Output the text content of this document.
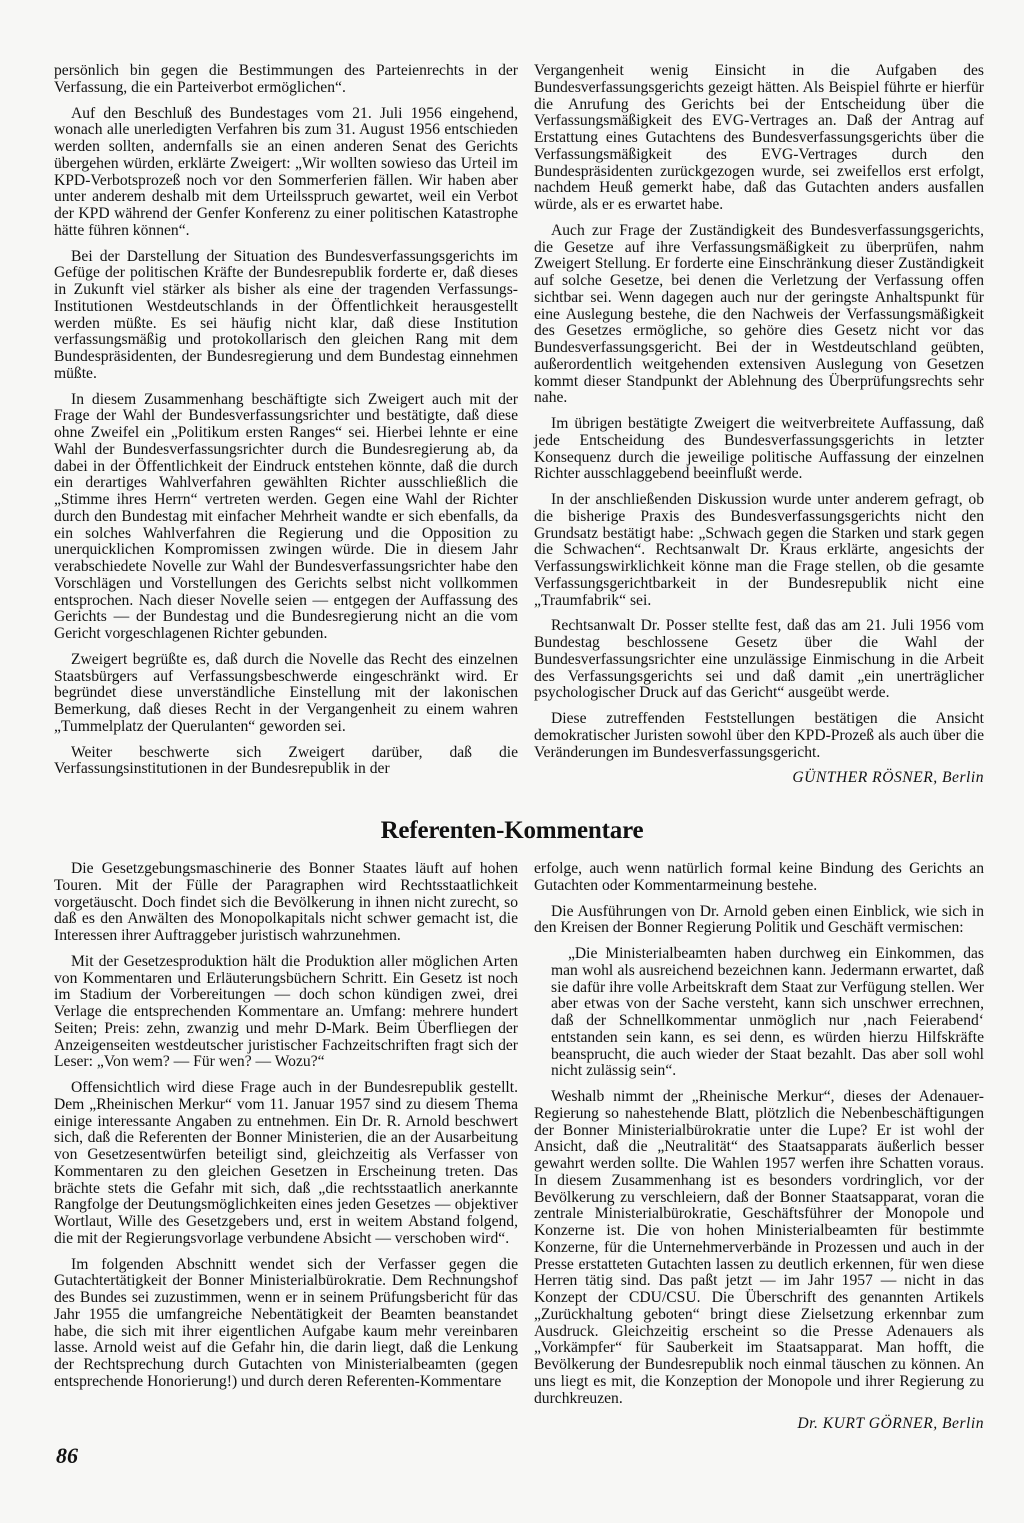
persönlich bin gegen die Bestimmungen des Parteienrechts in der Verfassung, die ein Parteiverbot ermöglichen“.

Auf den Beschluß des Bundestages vom 21. Juli 1956 eingehend, wonach alle unerledigten Verfahren bis zum 31. August 1956 entschieden werden sollten, andernfalls sie an einen anderen Senat des Gerichts übergehen würden, erklärte Zweigert: „Wir wollten sowieso das Urteil im KPD-Verbotsprozeß noch vor den Sommerferien fällen. Wir haben aber unter anderem deshalb mit dem Urteilsspruch gewartet, weil ein Verbot der KPD während der Genfer Konferenz zu einer politischen Katastrophe hätte führen können“.

Bei der Darstellung der Situation des Bundesverfassungsgerichts im Gefüge der politischen Kräfte der Bundesrepublik forderte er, daß dieses in Zukunft viel stärker als bisher als eine der tragenden Verfassungs-Institutionen Westdeutschlands in der Öffentlichkeit herausgestellt werden müßte. Es sei häufig nicht klar, daß diese Institution verfassungsmäßig und protokollarisch den gleichen Rang mit dem Bundespräsidenten, der Bundesregierung und dem Bundestag einnehmen müßte.

In diesem Zusammenhang beschäftigte sich Zweigert auch mit der Frage der Wahl der Bundesverfassungsrichter und bestätigte, daß diese ohne Zweifel ein „Politikum ersten Ranges“ sei. Hierbei lehnte er eine Wahl der Bundesverfassungsrichter durch die Bundesregierung ab, da dabei in der Öffentlichkeit der Eindruck entstehen könnte, daß die durch ein derartiges Wahlverfahren gewählten Richter ausschließlich die „Stimme ihres Herrn“ vertreten werden. Gegen eine Wahl der Richter durch den Bundestag mit einfacher Mehrheit wandte er sich ebenfalls, da ein solches Wahlverfahren die Regierung und die Opposition zu unerquicklichen Kompromissen zwingen würde. Die in diesem Jahr verabschiedete Novelle zur Wahl der Bundesverfassungsrichter habe den Vorschlägen und Vorstellungen des Gerichts selbst nicht vollkommen entsprochen. Nach dieser Novelle seien — entgegen der Auffassung des Gerichts — der Bundestag und die Bundesregierung nicht an die vom Gericht vorgeschlagenen Richter gebunden.

Zweigert begrüßte es, daß durch die Novelle das Recht des einzelnen Staatsbürgers auf Verfassungsbeschwerde eingeschränkt wird. Er begründet diese unverständliche Einstellung mit der lakonischen Bemerkung, daß dieses Recht in der Vergangenheit zu einem wahren „Tummelplatz der Querulanten“ geworden sei.

Weiter beschwerte sich Zweigert darüber, daß die Verfassungsinstitutionen in der Bundesrepublik in der

Vergangenheit wenig Einsicht in die Aufgaben des Bundesverfassungsgerichts gezeigt hätten. Als Beispiel führte er hierfür die Anrufung des Gerichts bei der Entscheidung über die Verfassungsmäßigkeit des EVG-Vertrages an. Daß der Antrag auf Erstattung eines Gutachtens des Bundesverfassungsgerichts über die Verfassungsmäßigkeit des EVG-Vertrages durch den Bundespräsidenten zurückgezogen wurde, sei zweifellos erst erfolgt, nachdem Heuß gemerkt habe, daß das Gutachten anders ausfallen würde, als er es erwartet habe.

Auch zur Frage der Zuständigkeit des Bundesverfassungsgerichts, die Gesetze auf ihre Verfassungsmäßigkeit zu überprüfen, nahm Zweigert Stellung. Er forderte eine Einschränkung dieser Zuständigkeit auf solche Gesetze, bei denen die Verletzung der Verfassung offen sichtbar sei. Wenn dagegen auch nur der geringste Anhaltspunkt für eine Auslegung bestehe, die den Nachweis der Verfassungsmäßigkeit des Gesetzes ermögliche, so gehöre dies Gesetz nicht vor das Bundesverfassungsgericht. Bei der in Westdeutschland geübten, außerordentlich weitgehenden extensiven Auslegung von Gesetzen kommt dieser Standpunkt der Ablehnung des Überprüfungsrechts sehr nahe.

Im übrigen bestätigte Zweigert die weitverbreitete Auffassung, daß jede Entscheidung des Bundesverfassungsgerichts in letzter Konsequenz durch die jeweilige politische Auffassung der einzelnen Richter ausschlaggebend beeinflußt werde.

In der anschließenden Diskussion wurde unter anderem gefragt, ob die bisherige Praxis des Bundesverfassungsgerichts nicht den Grundsatz bestätigt habe: „Schwach gegen die Starken und stark gegen die Schwachen“. Rechtsanwalt Dr. Kraus erklärte, angesichts der Verfassungswirklichkeit könne man die Frage stellen, ob die gesamte Verfassungsgerichtbarkeit in der Bundesrepublik nicht eine „Traumfabrik“ sei.

Rechtsanwalt Dr. Posser stellte fest, daß das am 21. Juli 1956 vom Bundestag beschlossene Gesetz über die Wahl der Bundesverfassungsrichter eine unzulässige Einmischung in die Arbeit des Verfassungsgerichts sei und daß damit „ein unerträglicher psychologischer Druck auf das Gericht“ ausgeübt werde.

Diese zutreffenden Feststellungen bestätigen die Ansicht demokratischer Juristen sowohl über den KPD-Prozeß als auch über die Veränderungen im Bundesverfassungsgericht.

GÜNTHER RÖSNER, Berlin
Referenten-Kommentare

Die Gesetzgebungsmaschinerie des Bonner Staates läuft auf hohen Touren. Mit der Fülle der Paragraphen wird Rechtsstaatlichkeit vorgetäuscht. Doch findet sich die Bevölkerung in ihnen nicht zurecht, so daß es den Anwälten des Monopolkapitals nicht schwer gemacht ist, die Interessen ihrer Auftraggeber juristisch wahrzunehmen.

Mit der Gesetzesproduktion hält die Produktion aller möglichen Arten von Kommentaren und Erläuterungsbüchern Schritt. Ein Gesetz ist noch im Stadium der Vorbereitungen — doch schon kündigen zwei, drei Verlage die entsprechenden Kommentare an. Umfang: mehrere hundert Seiten; Preis: zehn, zwanzig und mehr D-Mark. Beim Überfliegen der Anzeigenseiten westdeutscher juristischer Fachzeitschriften fragt sich der Leser: „Von wem? — Für wen? — Wozu?“

Offensichtlich wird diese Frage auch in der Bundesrepublik gestellt. Dem „Rheinischen Merkur“ vom 11. Januar 1957 sind zu diesem Thema einige interessante Angaben zu entnehmen. Ein Dr. R. Arnold beschwert sich, daß die Referenten der Bonner Ministerien, die an der Ausarbeitung von Gesetzesentwürfen beteiligt sind, gleichzeitig als Verfasser von Kommentaren zu den gleichen Gesetzen in Erscheinung treten. Das brächte stets die Gefahr mit sich, daß „die rechtsstaatlich anerkannte Rangfolge der Deutungsmöglichkeiten eines jeden Gesetzes — objektiver Wortlaut, Wille des Gesetzgebers und, erst in weitem Abstand folgend, die mit der Regierungsvorlage verbundene Absicht — verschoben wird“.

Im folgenden Abschnitt wendet sich der Verfasser gegen die Gutachtertätigkeit der Bonner Ministerialbürokratie. Dem Rechnungshof des Bundes sei zuzustimmen, wenn er in seinem Prüfungsbericht für das Jahr 1955 die umfangreiche Nebentätigkeit der Beamten beanstandet habe, die sich mit ihrer eigentlichen Aufgabe kaum mehr vereinbaren lasse. Arnold weist auf die Gefahr hin, die darin liegt, daß die Lenkung der Rechtsprechung durch Gutachten von Ministerialbeamten (gegen entsprechende Honorierung!) und durch deren Referenten-Kommentare

erfolge, auch wenn natürlich formal keine Bindung des Gerichts an Gutachten oder Kommentarmeinung bestehe.

Die Ausführungen von Dr. Arnold geben einen Einblick, wie sich in den Kreisen der Bonner Regierung Politik und Geschäft vermischen:

„Die Ministerialbeamten haben durchweg ein Einkommen, das man wohl als ausreichend bezeichnen kann. Jedermann erwartet, daß sie dafür ihre volle Arbeitskraft dem Staat zur Verfügung stellen. Wer aber etwas von der Sache versteht, kann sich unschwer errechnen, daß der Schnellkommentar unmöglich nur ‚nach Feierabend‘ entstanden sein kann, es sei denn, es würden hierzu Hilfskräfte beansprucht, die auch wieder der Staat bezahlt. Das aber soll wohl nicht zulässig sein“.

Weshalb nimmt der „Rheinische Merkur“, dieses der Adenauer-Regierung so nahestehende Blatt, plötzlich die Nebenbeschäftigungen der Bonner Ministerialbürokratie unter die Lupe? Er ist wohl der Ansicht, daß die „Neutralität“ des Staatsapparats äußerlich besser gewahrt werden sollte. Die Wahlen 1957 werfen ihre Schatten voraus. In diesem Zusammenhang ist es besonders vordringlich, vor der Bevölkerung zu verschleiern, daß der Bonner Staatsapparat, voran die zentrale Ministerialbürokratie, Geschäftsführer der Monopole und Konzerne ist. Die von hohen Ministerialbeamten für bestimmte Konzerne, für die Unternehmerverbände in Prozessen und auch in der Presse erstatteten Gutachten lassen zu deutlich erkennen, für wen diese Herren tätig sind. Das paßt jetzt — im Jahr 1957 — nicht in das Konzept der CDU/CSU. Die Überschrift des genannten Artikels „Zurückhaltung geboten“ bringt diese Zielsetzung erkennbar zum Ausdruck. Gleichzeitig erscheint so die Presse Adenauers als „Vorkämpfer“ für Sauberkeit im Staatsapparat. Man hofft, die Bevölkerung der Bundesrepublik noch einmal täuschen zu können. An uns liegt es mit, die Konzeption der Monopole und ihrer Regierung zu durchkreuzen.

Dr. KURT GÖRNER, Berlin
86
